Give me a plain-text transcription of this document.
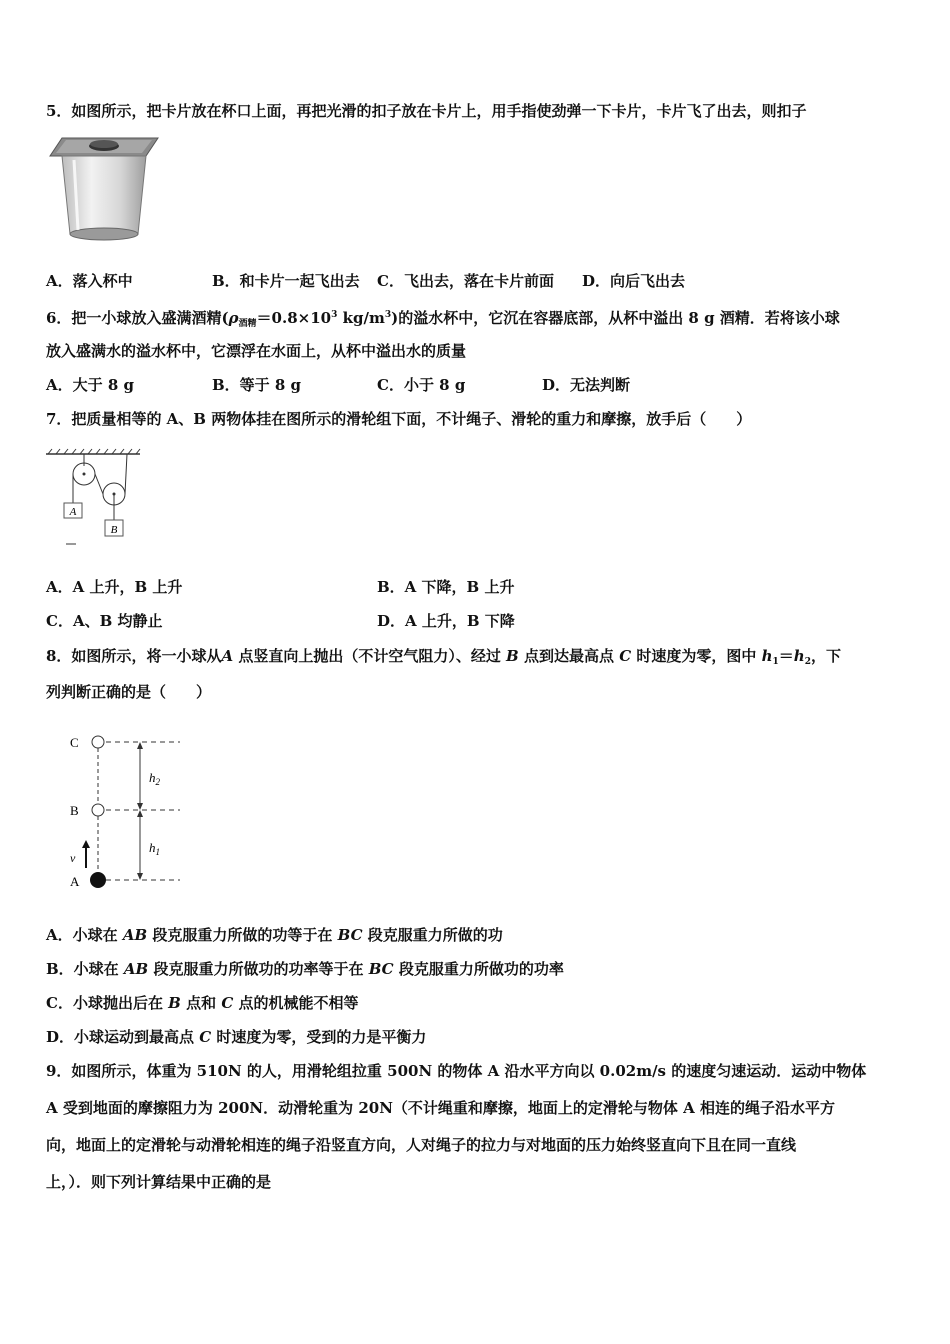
5．如图所示，把卡片放在杯口上面，再把光滑的扣子放在卡片上，用手指使劲弹一下卡片，卡片飞了出去，则扣子
A．落入杯中	B．和卡片一起飞出去 C．飞出去，落在卡片前面 D．向后飞出去
6．把一小球放入盛满酒精($\rho_{酒精}=0.8\times 10^3$ $kg/m^3$)的溢水杯中，它沉在容器底部，从杯中溢出 8 g 酒精．若将该小球
放入盛满水的溢水杯中，它漂浮在水面上，从杯中溢出水的质量
A．大于 8 g	B．等于 8 g	C．小于 8 g	D．无法判断
7．把质量相等的 A、B 两物体挂在图所示的滑轮组下面，不计绳子、滑轮的重力和摩擦，放手后（　　）
A
B
A．A 上升，B 上升	B．A 下降，B 上升
C．A、B 均静止	D．A 上升，B 下降
8．如图所示，将一小球从A 点竖直向上抛出（不计空气阻力）、经过 B 点到达最高点 C 时速度为零，图中 $h_1=h_2$，下
列判断正确的是（　　）
C
B
A
v
$h_2$
$h_1$
A．小球在 AB 段克服重力所做的功等于在 BC 段克服重力所做的功
B．小球在 AB 段克服重力所做功的功率等于在 BC 段克服重力所做功的功率
C．小球抛出后在 B 点和 C 点的机械能不相等
D．小球运动到最高点 C 时速度为零，受到的力是平衡力
9．如图所示，体重为 510N 的人，用滑轮组拉重 500N 的物体 A 沿水平方向以 0.02m/s 的速度匀速运动．运动中物体
A 受到地面的摩擦阻力为 200N．动滑轮重为 20N（不计绳重和摩擦，地面上的定滑轮与物体 A 相连的绳子沿水平方
向，地面上的定滑轮与动滑轮相连的绳子沿竖直方向，人对绳子的拉力与对地面的压力始终竖直向下且在同一直线
上，）．则下列计算结果中正确的是
